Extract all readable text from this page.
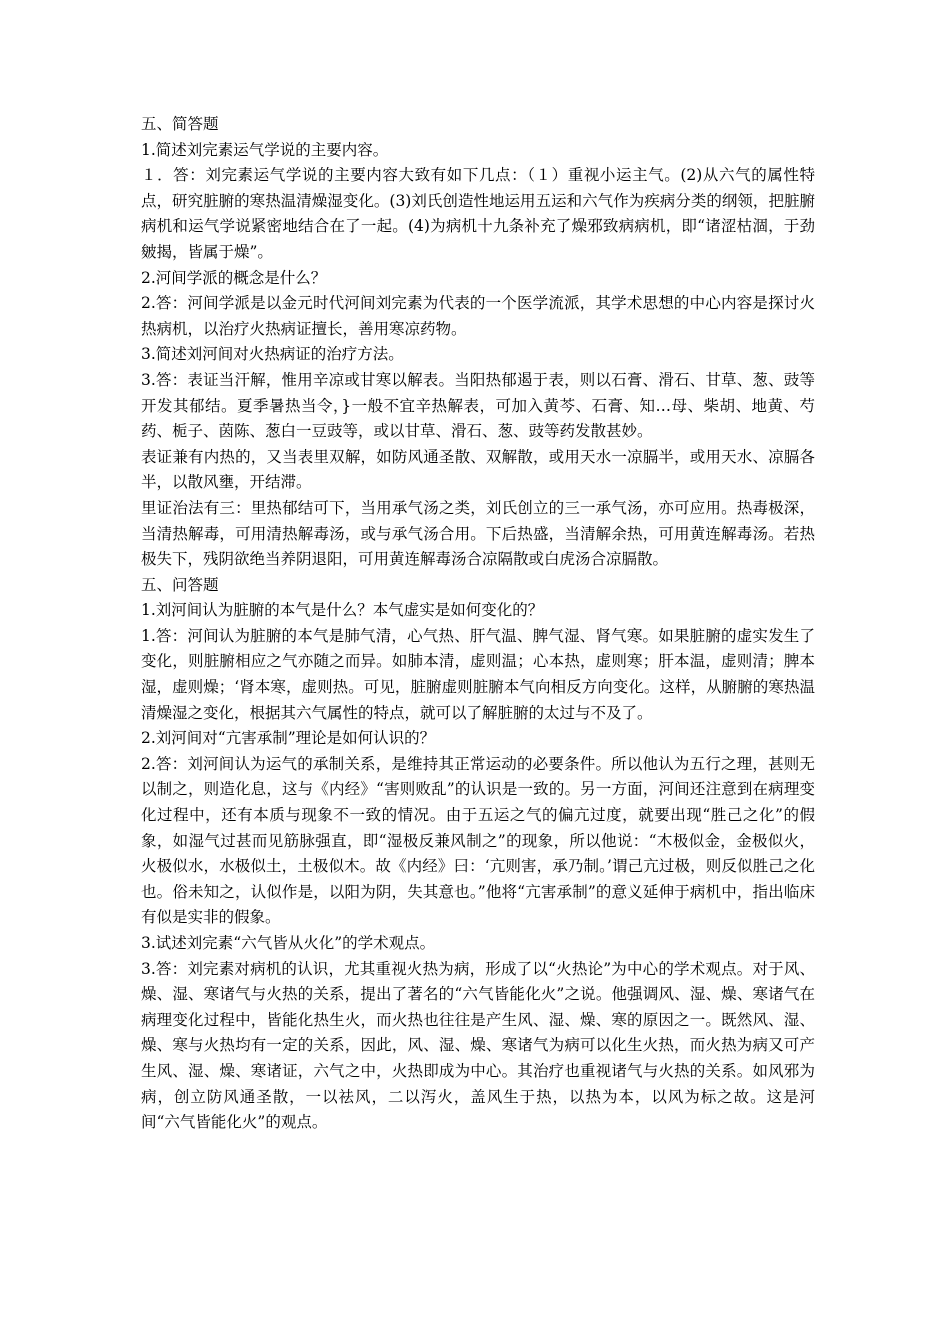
五、简答题

1.简述刘完素运气学说的主要内容。

１．答：刘完素运气学说的主要内容大致有如下几点：（１）重视小运主气。(2)从六气的属性特点，研究脏腑的寒热温清燥湿变化。(3)刘氏创造性地运用五运和六气作为疾病分类的纲领，把脏腑病机和运气学说紧密地结合在了一起。(4)为病机十九条补充了燥邪致病病机，即“诸涩枯涸，于劲皴揭，皆属于燥”。

2.河间学派的概念是什么？

2.答：河间学派是以金元时代河间刘完素为代表的一个医学流派，其学术思想的中心内容是探讨火热病机，以治疗火热病证擅长，善用寒凉药物。

3.简述刘河间对火热病证的治疗方法。

3.答：表证当汗解，惟用辛凉或甘寒以解表。当阳热郁遏于表，则以石膏、滑石、甘草、葱、豉等开发其郁结。夏季暑热当令，}一般不宜辛热解表，可加入黄芩、石膏、知…母、柴胡、地黄、芍药、栀子、茵陈、葱白一豆豉等，或以甘草、滑石、葱、豉等药发散甚妙。

表证兼有内热的，又当表里双解，如防风通圣散、双解散，或用天水一凉膈半，或用天水、凉膈各半，以散风壅，开结滞。

里证治法有三：里热郁结可下，当用承气汤之类，刘氏创立的三一承气汤，亦可应用。热毒极深，当清热解毒，可用清热解毒汤，或与承气汤合用。下后热盛，当清解余热，可用黄连解毒汤。若热极失下，残阴欲绝当养阴退阳，可用黄连解毒汤合凉隔散或白虎汤合凉膈散。

五、问答题

1.刘河间认为脏腑的本气是什么？本气虚实是如何变化的？

1.答：河间认为脏腑的本气是肺气清，心气热、肝气温、脾气湿、肾气寒。如果脏腑的虚实发生了变化，则脏腑相应之气亦随之而异。如肺本清，虚则温；心本热，虚则寒；肝本温，虚则清；脾本湿，虚则燥；‘肾本寒，虚则热。可见，脏腑虚则脏腑本气向相反方向变化。这样，从腑腑的寒热温清燥湿之变化，根据其六气属性的特点，就可以了解脏腑的太过与不及了。

2.刘河间对“亢害承制”理论是如何认识的？

2.答：刘河间认为运气的承制关系，是维持其正常运动的必要条件。所以他认为五行之理，甚则无以制之，则造化息，这与《内经》“害则败乱”的认识是一致的。另一方面，河间还注意到在病理变化过程中，还有本质与现象不一致的情况。由于五运之气的偏亢过度，就要出现“胜己之化”的假象，如湿气过甚而见筋脉强直，即“湿极反兼风制之”的现象，所以他说：“木极似金，金极似火，火极似水，水极似土，土极似木。故《内经》曰：‘亢则害，承乃制。’谓己亢过极，则反似胜己之化也。俗未知之，认似作是，以阳为阴，失其意也。”他将“亢害承制”的意义延伸于病机中，指出临床有似是实非的假象。

3.试述刘完素“六气皆从火化”的学术观点。

3.答：刘完素对病机的认识，尤其重视火热为病，形成了以“火热论”为中心的学术观点。对于风、燥、湿、寒诸气与火热的关系，提出了著名的“六气皆能化火”之说。他强调风、湿、燥、寒诸气在病理变化过程中，皆能化热生火，而火热也往往是产生风、湿、燥、寒的原因之一。既然风、湿、燥、寒与火热均有一定的关系，因此，风、湿、燥、寒诸气为病可以化生火热，而火热为病又可产生风、湿、燥、寒诸证，六气之中，火热即成为中心。其治疗也重视诸气与火热的关系。如风邪为病，创立防风通圣散，一以祛风，二以泻火，盖风生于热，以热为本，以风为标之故。这是河间“六气皆能化火”的观点。
